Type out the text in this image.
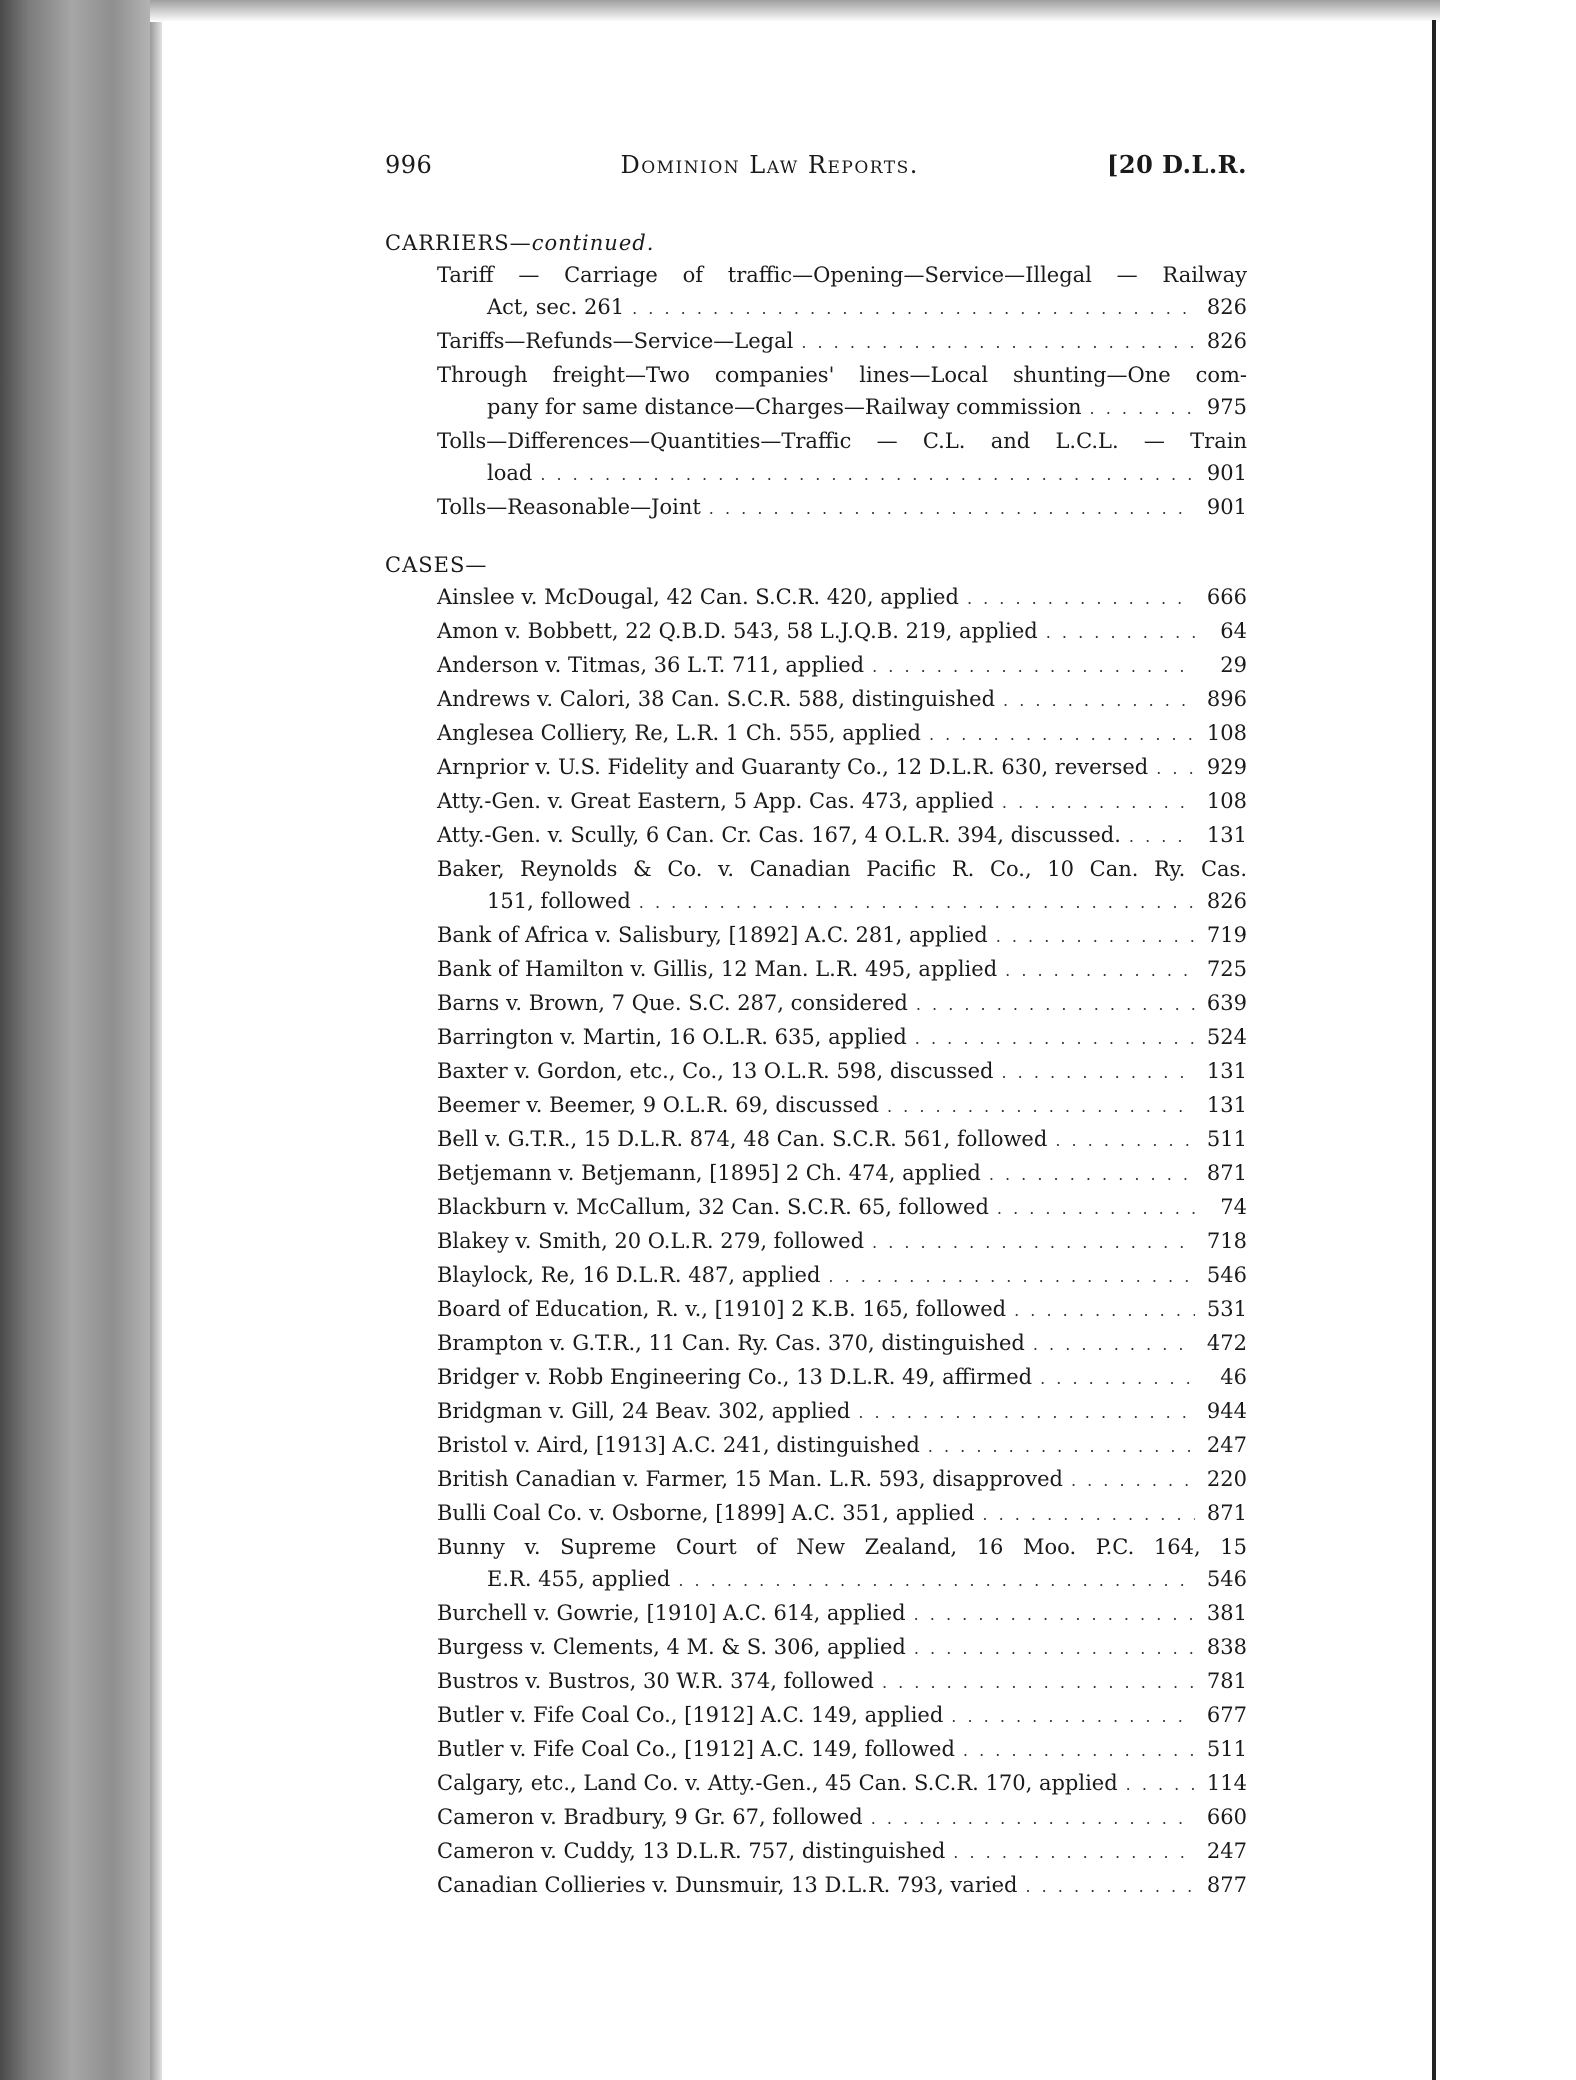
996	Dominion Law Reports.	[20 D.L.R.
CARRIERS—continued.
Tariff — Carriage of traffic—Opening—Service—Illegal — Railway
Act, sec. 261 . . .	826
Tariffs—Refunds—Service—Legal . . .	826
Through freight—Two companies' lines—Local shunting—One com-
pany for same distance—Charges—Railway commission . . .	975
Tolls—Differences—Quantities—Traffic — C.L. and L.C.L. — Train
load . . .	901
Tolls—Reasonable—Joint . . .	901
CASES—
Ainslee v. McDougal, 42 Can. S.C.R. 420, applied . . .	666
Amon v. Bobbett, 22 Q.B.D. 543, 58 L.J.Q.B. 219, applied . . .	64
Anderson v. Titmas, 36 L.T. 711, applied . . .	29
Andrews v. Calori, 38 Can. S.C.R. 588, distinguished . . .	896
Anglesea Colliery, Re, L.R. 1 Ch. 555, applied . . .	108
Arnprior v. U.S. Fidelity and Guaranty Co., 12 D.L.R. 630, reversed . . .	929
Atty.-Gen. v. Great Eastern, 5 App. Cas. 473, applied . . .	108
Atty.-Gen. v. Scully, 6 Can. Cr. Cas. 167, 4 O.L.R. 394, discussed. . . .	131
Baker, Reynolds & Co. v. Canadian Pacific R. Co., 10 Can. Ry. Cas.
151, followed . . .	826
Bank of Africa v. Salisbury, [1892] A.C. 281, applied . . .	719
Bank of Hamilton v. Gillis, 12 Man. L.R. 495, applied . . .	725
Barns v. Brown, 7 Que. S.C. 287, considered . . .	639
Barrington v. Martin, 16 O.L.R. 635, applied . . .	524
Baxter v. Gordon, etc., Co., 13 O.L.R. 598, discussed . . .	131
Beemer v. Beemer, 9 O.L.R. 69, discussed . . .	131
Bell v. G.T.R., 15 D.L.R. 874, 48 Can. S.C.R. 561, followed . . .	511
Betjemann v. Betjemann, [1895] 2 Ch. 474, applied . . .	871
Blackburn v. McCallum, 32 Can. S.C.R. 65, followed . . .	74
Blakey v. Smith, 20 O.L.R. 279, followed . . .	718
Blaylock, Re, 16 D.L.R. 487, applied . . .	546
Board of Education, R. v., [1910] 2 K.B. 165, followed . . .	531
Brampton v. G.T.R., 11 Can. Ry. Cas. 370, distinguished . . .	472
Bridger v. Robb Engineering Co., 13 D.L.R. 49, affirmed . . .	46
Bridgman v. Gill, 24 Beav. 302, applied . . .	944
Bristol v. Aird, [1913] A.C. 241, distinguished . . .	247
British Canadian v. Farmer, 15 Man. L.R. 593, disapproved . . .	220
Bulli Coal Co. v. Osborne, [1899] A.C. 351, applied . . .	871
Bunny v. Supreme Court of New Zealand, 16 Moo. P.C. 164, 15
E.R. 455, applied . . .	546
Burchell v. Gowrie, [1910] A.C. 614, applied . . .	381
Burgess v. Clements, 4 M. & S. 306, applied . . .	838
Bustros v. Bustros, 30 W.R. 374, followed . . .	781
Butler v. Fife Coal Co., [1912] A.C. 149, applied . . .	677
Butler v. Fife Coal Co., [1912] A.C. 149, followed . . .	511
Calgary, etc., Land Co. v. Atty.-Gen., 45 Can. S.C.R. 170, applied . . .	114
Cameron v. Bradbury, 9 Gr. 67, followed . . .	660
Cameron v. Cuddy, 13 D.L.R. 757, distinguished . . .	247
Canadian Collieries v. Dunsmuir, 13 D.L.R. 793, varied . . .	877
